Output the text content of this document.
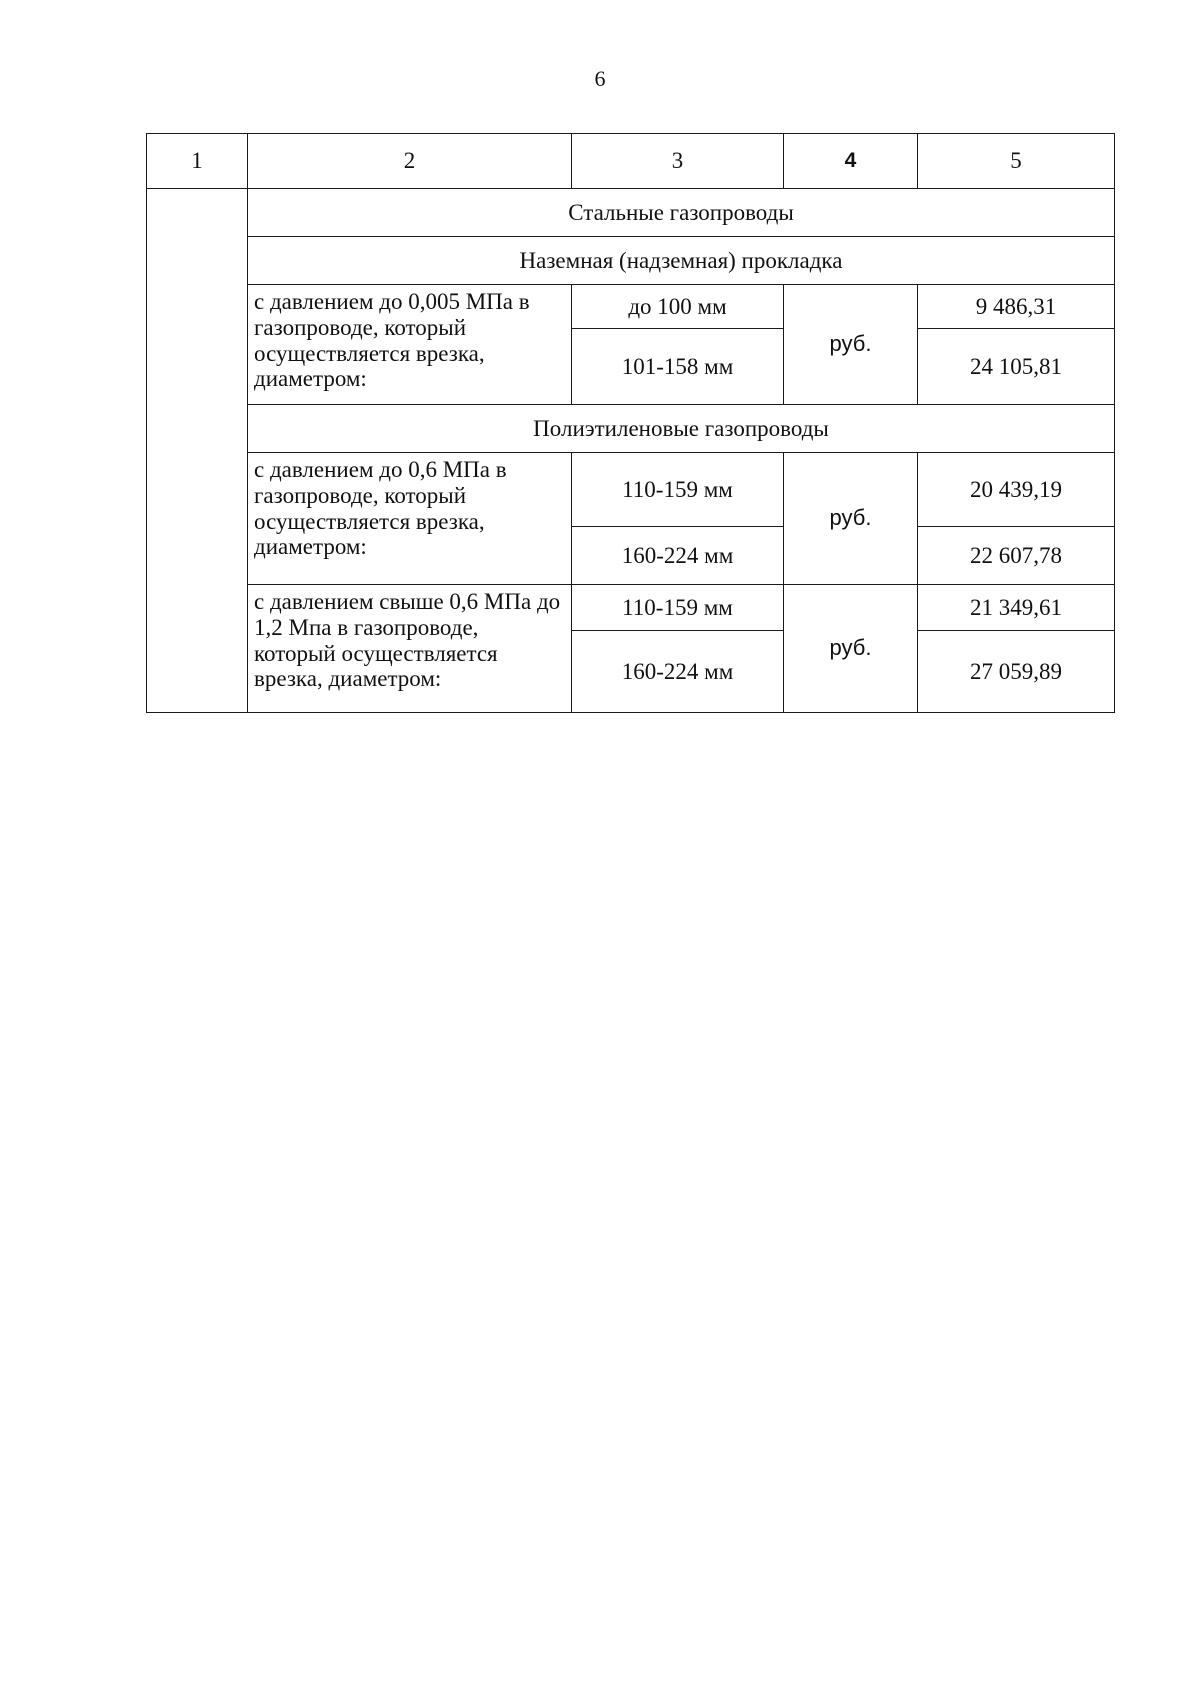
6
1	2	3	4	5
	Стальные газопроводы			
	Наземная (надземная) прокладка			
	с давлением до 0,005 МПа в газопроводе, который осуществляется врезка, диаметром:	до 100 мм	руб.	9 486,31
		101-158 мм		24 105,81
	Полиэтиленовые газопроводы			
	с давлением до 0,6 МПа в газопроводе, который осуществляется врезка, диаметром:	110-159 мм	руб.	20 439,19
		160-224 мм		22 607,78
	с давлением свыше 0,6 МПа до 1,2 Мпа в газопроводе, который осуществляется врезка, диаметром:	110-159 мм	руб.	21 349,61
		160-224 мм		27 059,89
